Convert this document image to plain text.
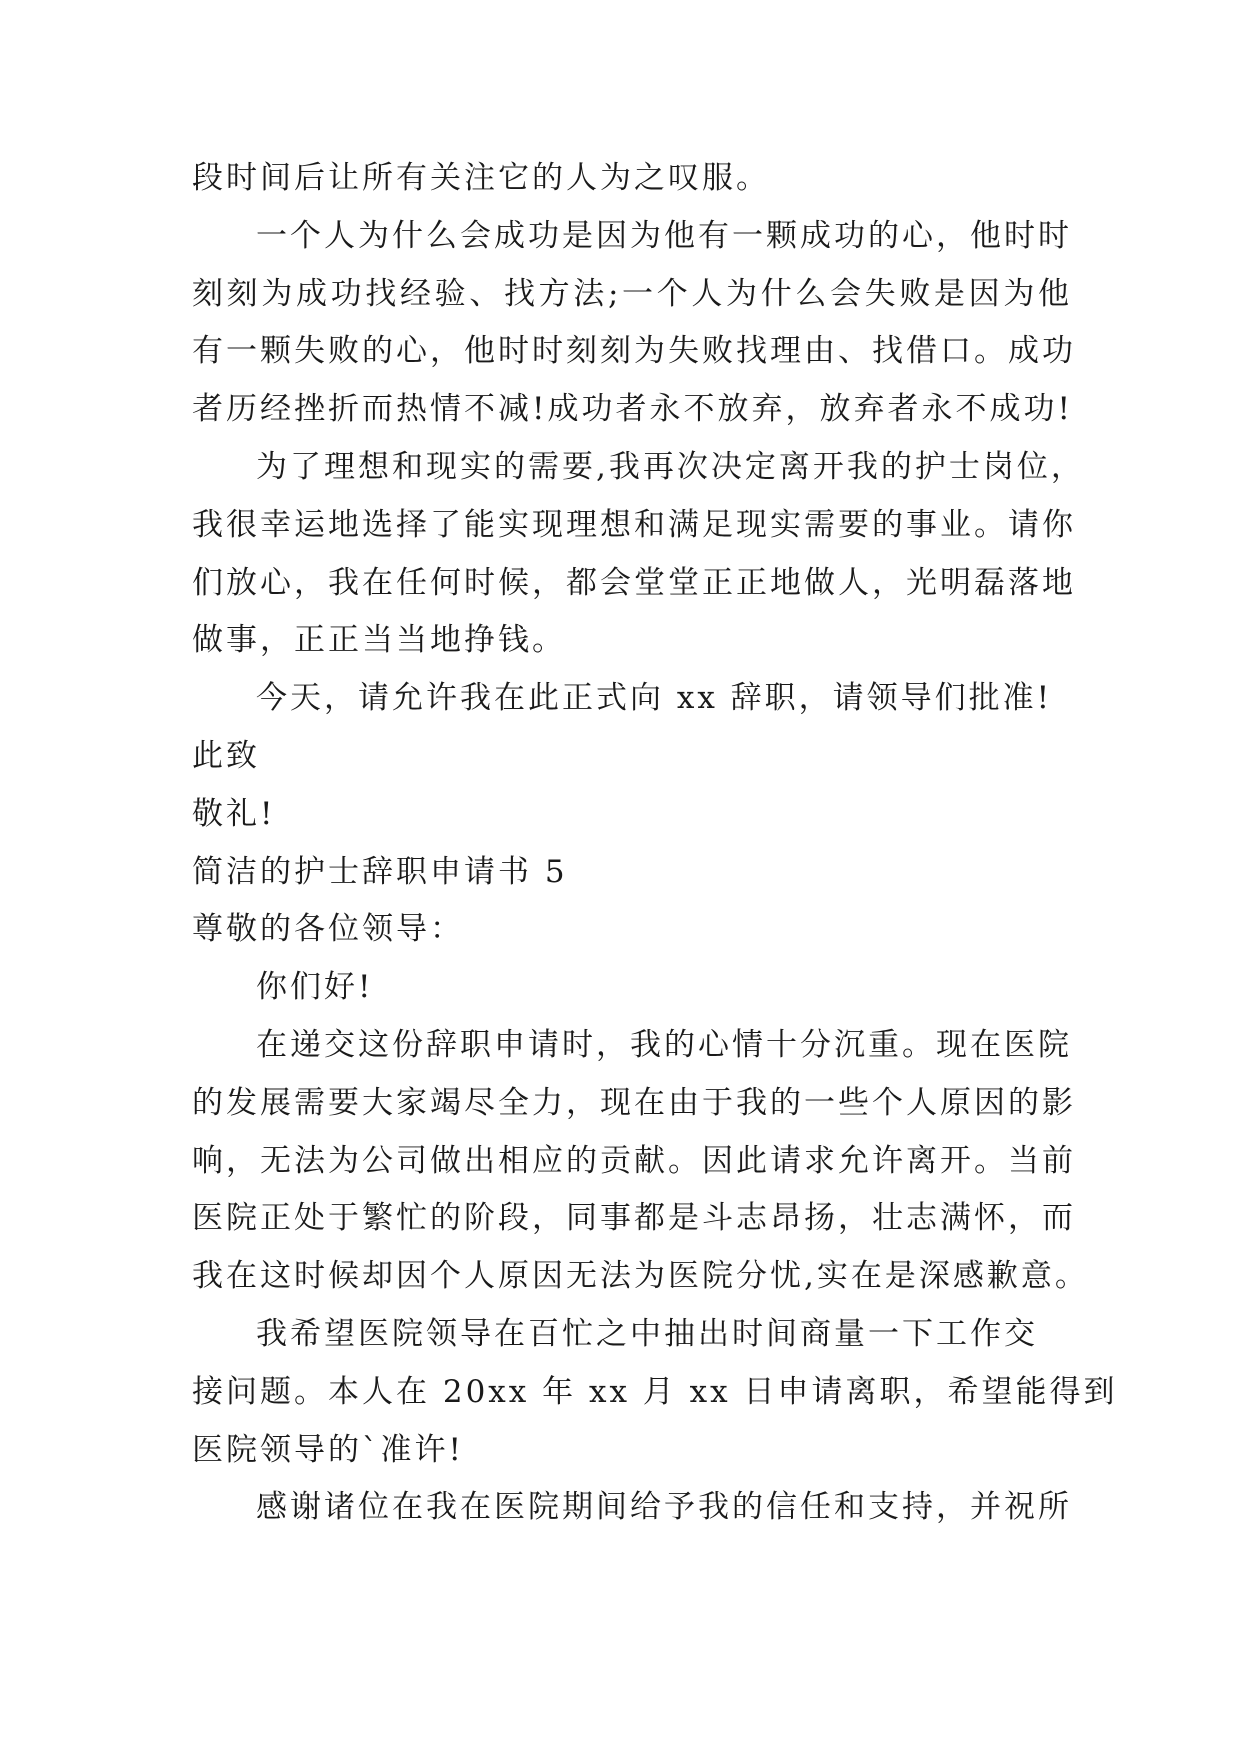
段时间后让所有关注它的人为之叹服。
一个人为什么会成功是因为他有一颗成功的心，他时时
刻刻为成功找经验、找方法;一个人为什么会失败是因为他
有一颗失败的心，他时时刻刻为失败找理由、找借口。成功
者历经挫折而热情不减!成功者永不放弃，放弃者永不成功!
为了理想和现实的需要,我再次决定离开我的护士岗位，
我很幸运地选择了能实现理想和满足现实需要的事业。请你
们放心，我在任何时候，都会堂堂正正地做人，光明磊落地
做事，正正当当地挣钱。
今天，请允许我在此正式向 xx 辞职，请领导们批准!
此致
敬礼!
简洁的护士辞职申请书 5
尊敬的各位领导：
你们好!
在递交这份辞职申请时，我的心情十分沉重。现在医院
的发展需要大家竭尽全力，现在由于我的一些个人原因的影
响，无法为公司做出相应的贡献。因此请求允许离开。当前
医院正处于繁忙的阶段，同事都是斗志昂扬，壮志满怀，而
我在这时候却因个人原因无法为医院分忧,实在是深感歉意。
我希望医院领导在百忙之中抽出时间商量一下工作交
接问题。本人在 20xx 年 xx 月 xx 日申请离职，希望能得到
医院领导的`准许!
感谢诸位在我在医院期间给予我的信任和支持，并祝所
